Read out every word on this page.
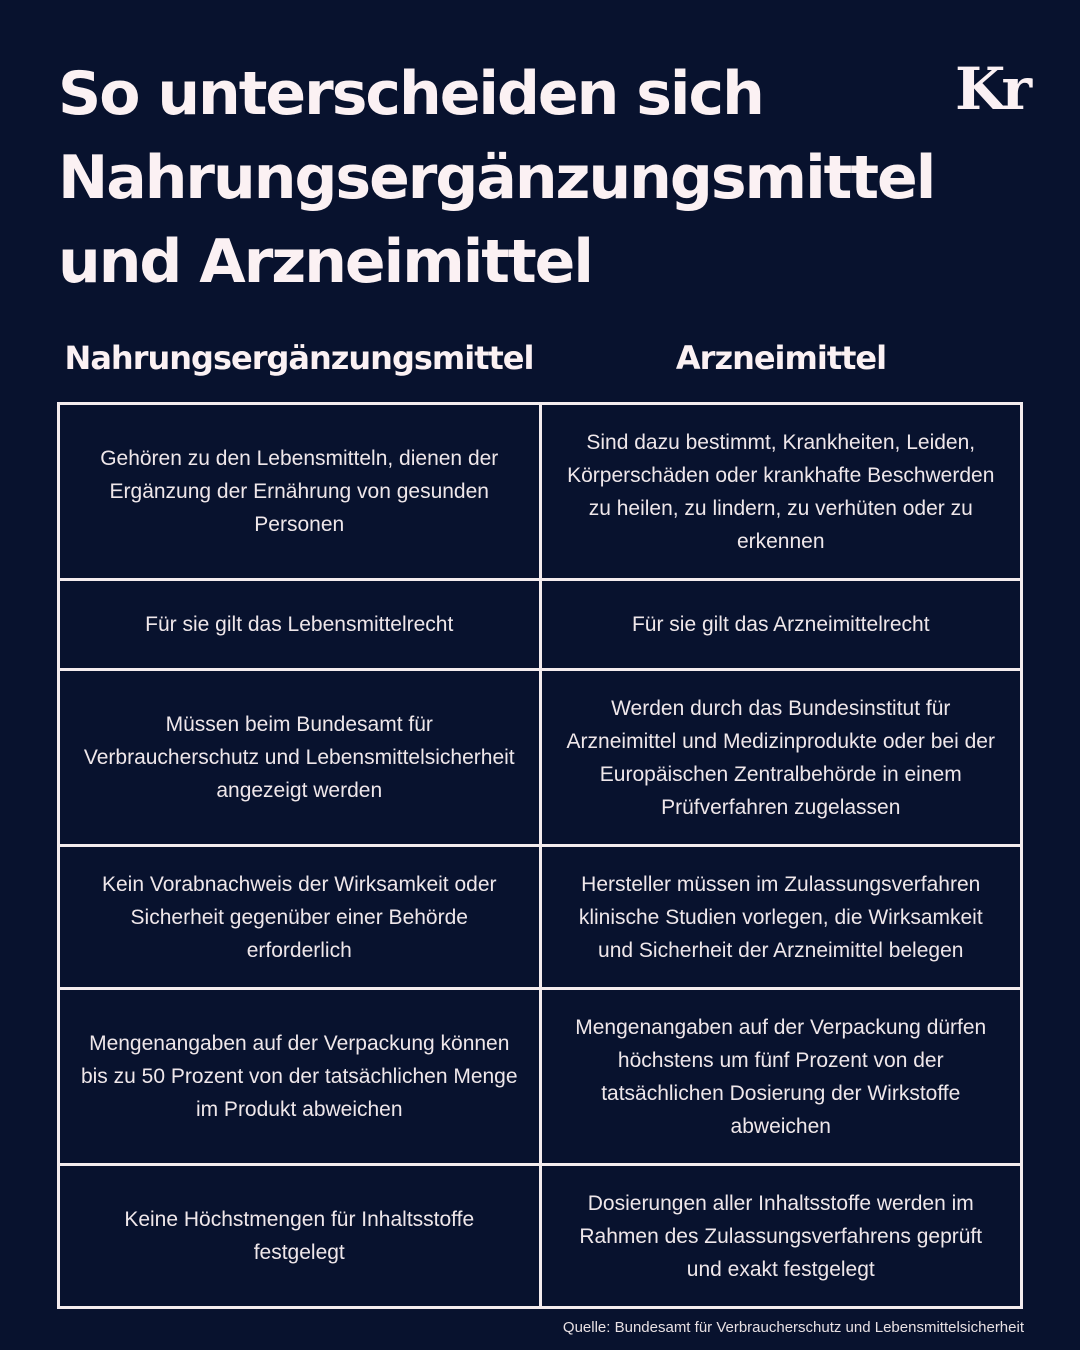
So unterscheiden sich
Nahrungsergänzungsmittel
und Arzneimittel
Kr
Nahrungsergänzungsmittel	Arzneimittel
Gehören zu den Lebensmitteln, dienen der Ergänzung der Ernährung von gesunden Personen	Sind dazu bestimmt, Krankheiten, Leiden, Körperschäden oder krankhafte Beschwerden zu heilen, zu lindern, zu verhüten oder zu erkennen
Für sie gilt das Lebensmittelrecht	Für sie gilt das Arzneimittelrecht
Müssen beim Bundesamt für Verbraucherschutz und Lebensmittelsicherheit angezeigt werden	Werden durch das Bundesinstitut für Arzneimittel und Medizinprodukte oder bei der Europäischen Zentralbehörde in einem Prüfverfahren zugelassen
Kein Vorabnachweis der Wirksamkeit oder Sicherheit gegenüber einer Behörde erforderlich	Hersteller müssen im Zulassungsverfahren klinische Studien vorlegen, die Wirksamkeit und Sicherheit der Arzneimittel belegen
Mengenangaben auf der Verpackung können bis zu 50 Prozent von der tatsächlichen Menge im Produkt abweichen	Mengenangaben auf der Verpackung dürfen höchstens um fünf Prozent von der tatsächlichen Dosierung der Wirkstoffe abweichen
Keine Höchstmengen für Inhaltsstoffe festgelegt	Dosierungen aller Inhaltsstoffe werden im Rahmen des Zulassungsverfahrens geprüft und exakt festgelegt
Quelle: Bundesamt für Verbraucherschutz und Lebensmittelsicherheit
